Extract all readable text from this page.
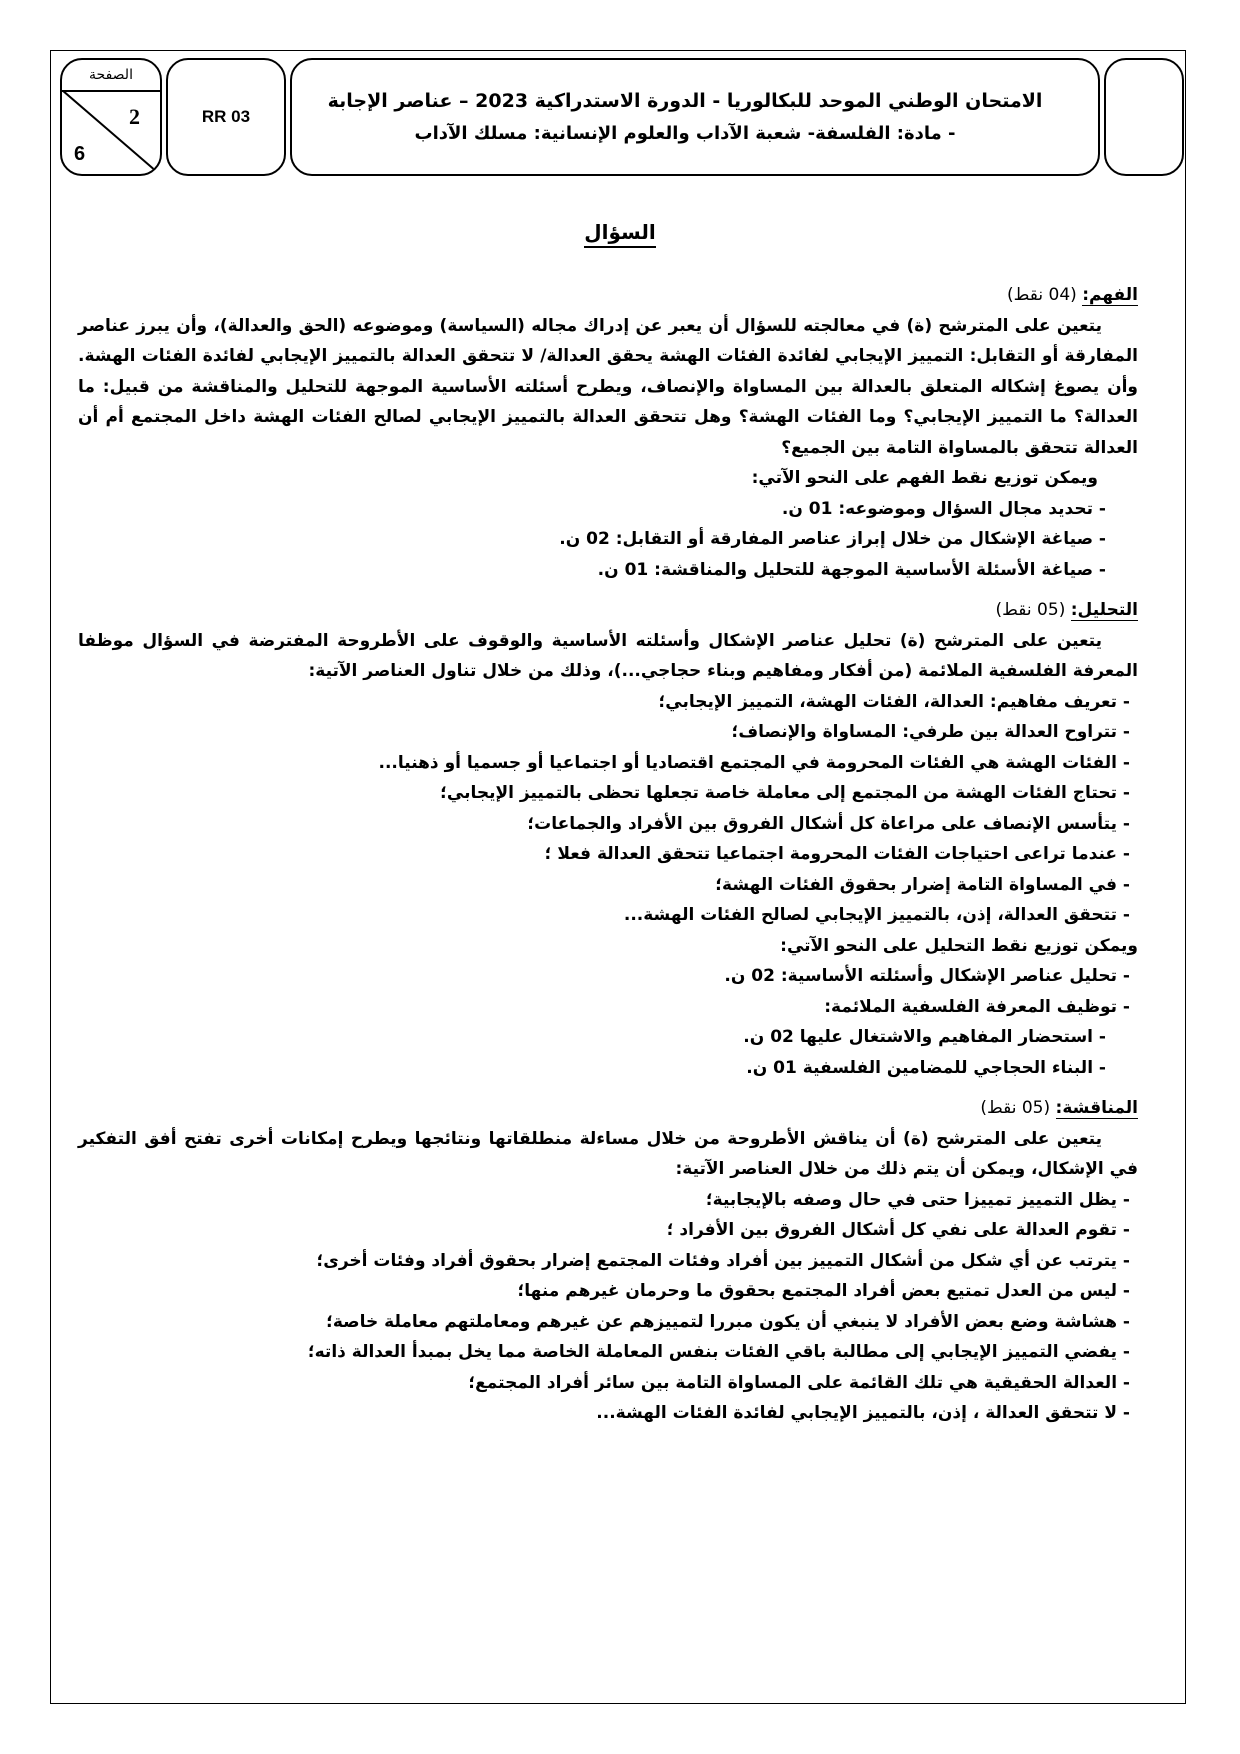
الصفحة
2
6
RR 03
الامتحان الوطني الموحد للبكالوريا - الدورة الاستدراكية 2023 – عناصر الإجابة
- مادة: الفلسفة- شعبة الآداب والعلوم الإنسانية: مسلك الآداب
السؤال

الفهم: (04 نقط)

يتعين على المترشح (ة) في معالجته للسؤال أن يعبر عن إدراك مجاله (السياسة) وموضوعه (الحق والعدالة)، وأن يبرز عناصر المفارقة أو التقابل: التمييز الإيجابي لفائدة الفئات الهشة يحقق العدالة/ لا تتحقق العدالة بالتمييز الإيجابي لفائدة الفئات الهشة. وأن يصوغ إشكاله المتعلق بالعدالة بين المساواة والإنصاف، ويطرح أسئلته الأساسية الموجهة للتحليل والمناقشة من قبيل: ما العدالة؟ ما التمييز الإيجابي؟ وما الفئات الهشة؟ وهل تتحقق العدالة بالتمييز الإيجابي لصالح الفئات الهشة داخل المجتمع أم أن العدالة تتحقق بالمساواة التامة بين الجميع؟

ويمكن توزيع نقط الفهم على النحو الآتي:

- تحديد مجال السؤال وموضوعه: 01 ن.
- صياغة الإشكال من خلال إبراز عناصر المفارقة أو التقابل: 02 ن.
- صياغة الأسئلة الأساسية الموجهة للتحليل والمناقشة: 01 ن.

التحليل: (05 نقط)

يتعين على المترشح (ة) تحليل عناصر الإشكال وأسئلته الأساسية والوقوف على الأطروحة المفترضة في السؤال موظفا المعرفة الفلسفية الملائمة (من أفكار ومفاهيم وبناء حجاجي...)، وذلك من خلال تناول العناصر الآتية:

- تعريف مفاهيم: العدالة، الفئات الهشة، التمييز الإيجابي؛
- تتراوح العدالة بين طرفي: المساواة والإنصاف؛
- الفئات الهشة هي الفئات المحرومة في المجتمع اقتصاديا أو اجتماعيا أو جسميا أو ذهنيا...
- تحتاج الفئات الهشة من المجتمع إلى معاملة خاصة تجعلها تحظى بالتمييز الإيجابي؛
- يتأسس الإنصاف على مراعاة كل أشكال الفروق بين الأفراد والجماعات؛
- عندما تراعى احتياجات الفئات المحرومة اجتماعيا تتحقق العدالة فعلا ؛
- في المساواة التامة إضرار بحقوق الفئات الهشة؛
- تتحقق العدالة، إذن، بالتمييز الإيجابي لصالح الفئات الهشة...

ويمكن توزيع نقط التحليل على النحو الآتي:

- تحليل عناصر الإشكال وأسئلته الأساسية: 02 ن.
- توظيف المعرفة الفلسفية الملائمة:
- استحضار المفاهيم والاشتغال عليها 02 ن.
- البناء الحجاجي للمضامين الفلسفية 01 ن.

المناقشة: (05 نقط)

يتعين على المترشح (ة) أن يناقش الأطروحة من خلال مساءلة منطلقاتها ونتائجها ويطرح إمكانات أخرى تفتح أفق التفكير في الإشكال، ويمكن أن يتم ذلك من خلال العناصر الآتية:

- يظل التمييز تمييزا حتى في حال وصفه بالإيجابية؛
- تقوم العدالة على نفي كل أشكال الفروق بين الأفراد ؛
- يترتب عن أي شكل من أشكال التمييز بين أفراد وفئات المجتمع إضرار بحقوق أفراد وفئات أخرى؛
- ليس من العدل تمتيع بعض أفراد المجتمع بحقوق ما وحرمان غيرهم منها؛
- هشاشة وضع بعض الأفراد لا ينبغي أن يكون مبررا لتمييزهم عن غيرهم ومعاملتهم معاملة خاصة؛
- يفضي التمييز الإيجابي إلى مطالبة باقي الفئات بنفس المعاملة الخاصة مما يخل بمبدأ العدالة ذاته؛
- العدالة الحقيقية هي تلك القائمة على المساواة التامة بين سائر أفراد المجتمع؛
- لا تتحقق العدالة ، إذن، بالتمييز الإيجابي لفائدة الفئات الهشة...
